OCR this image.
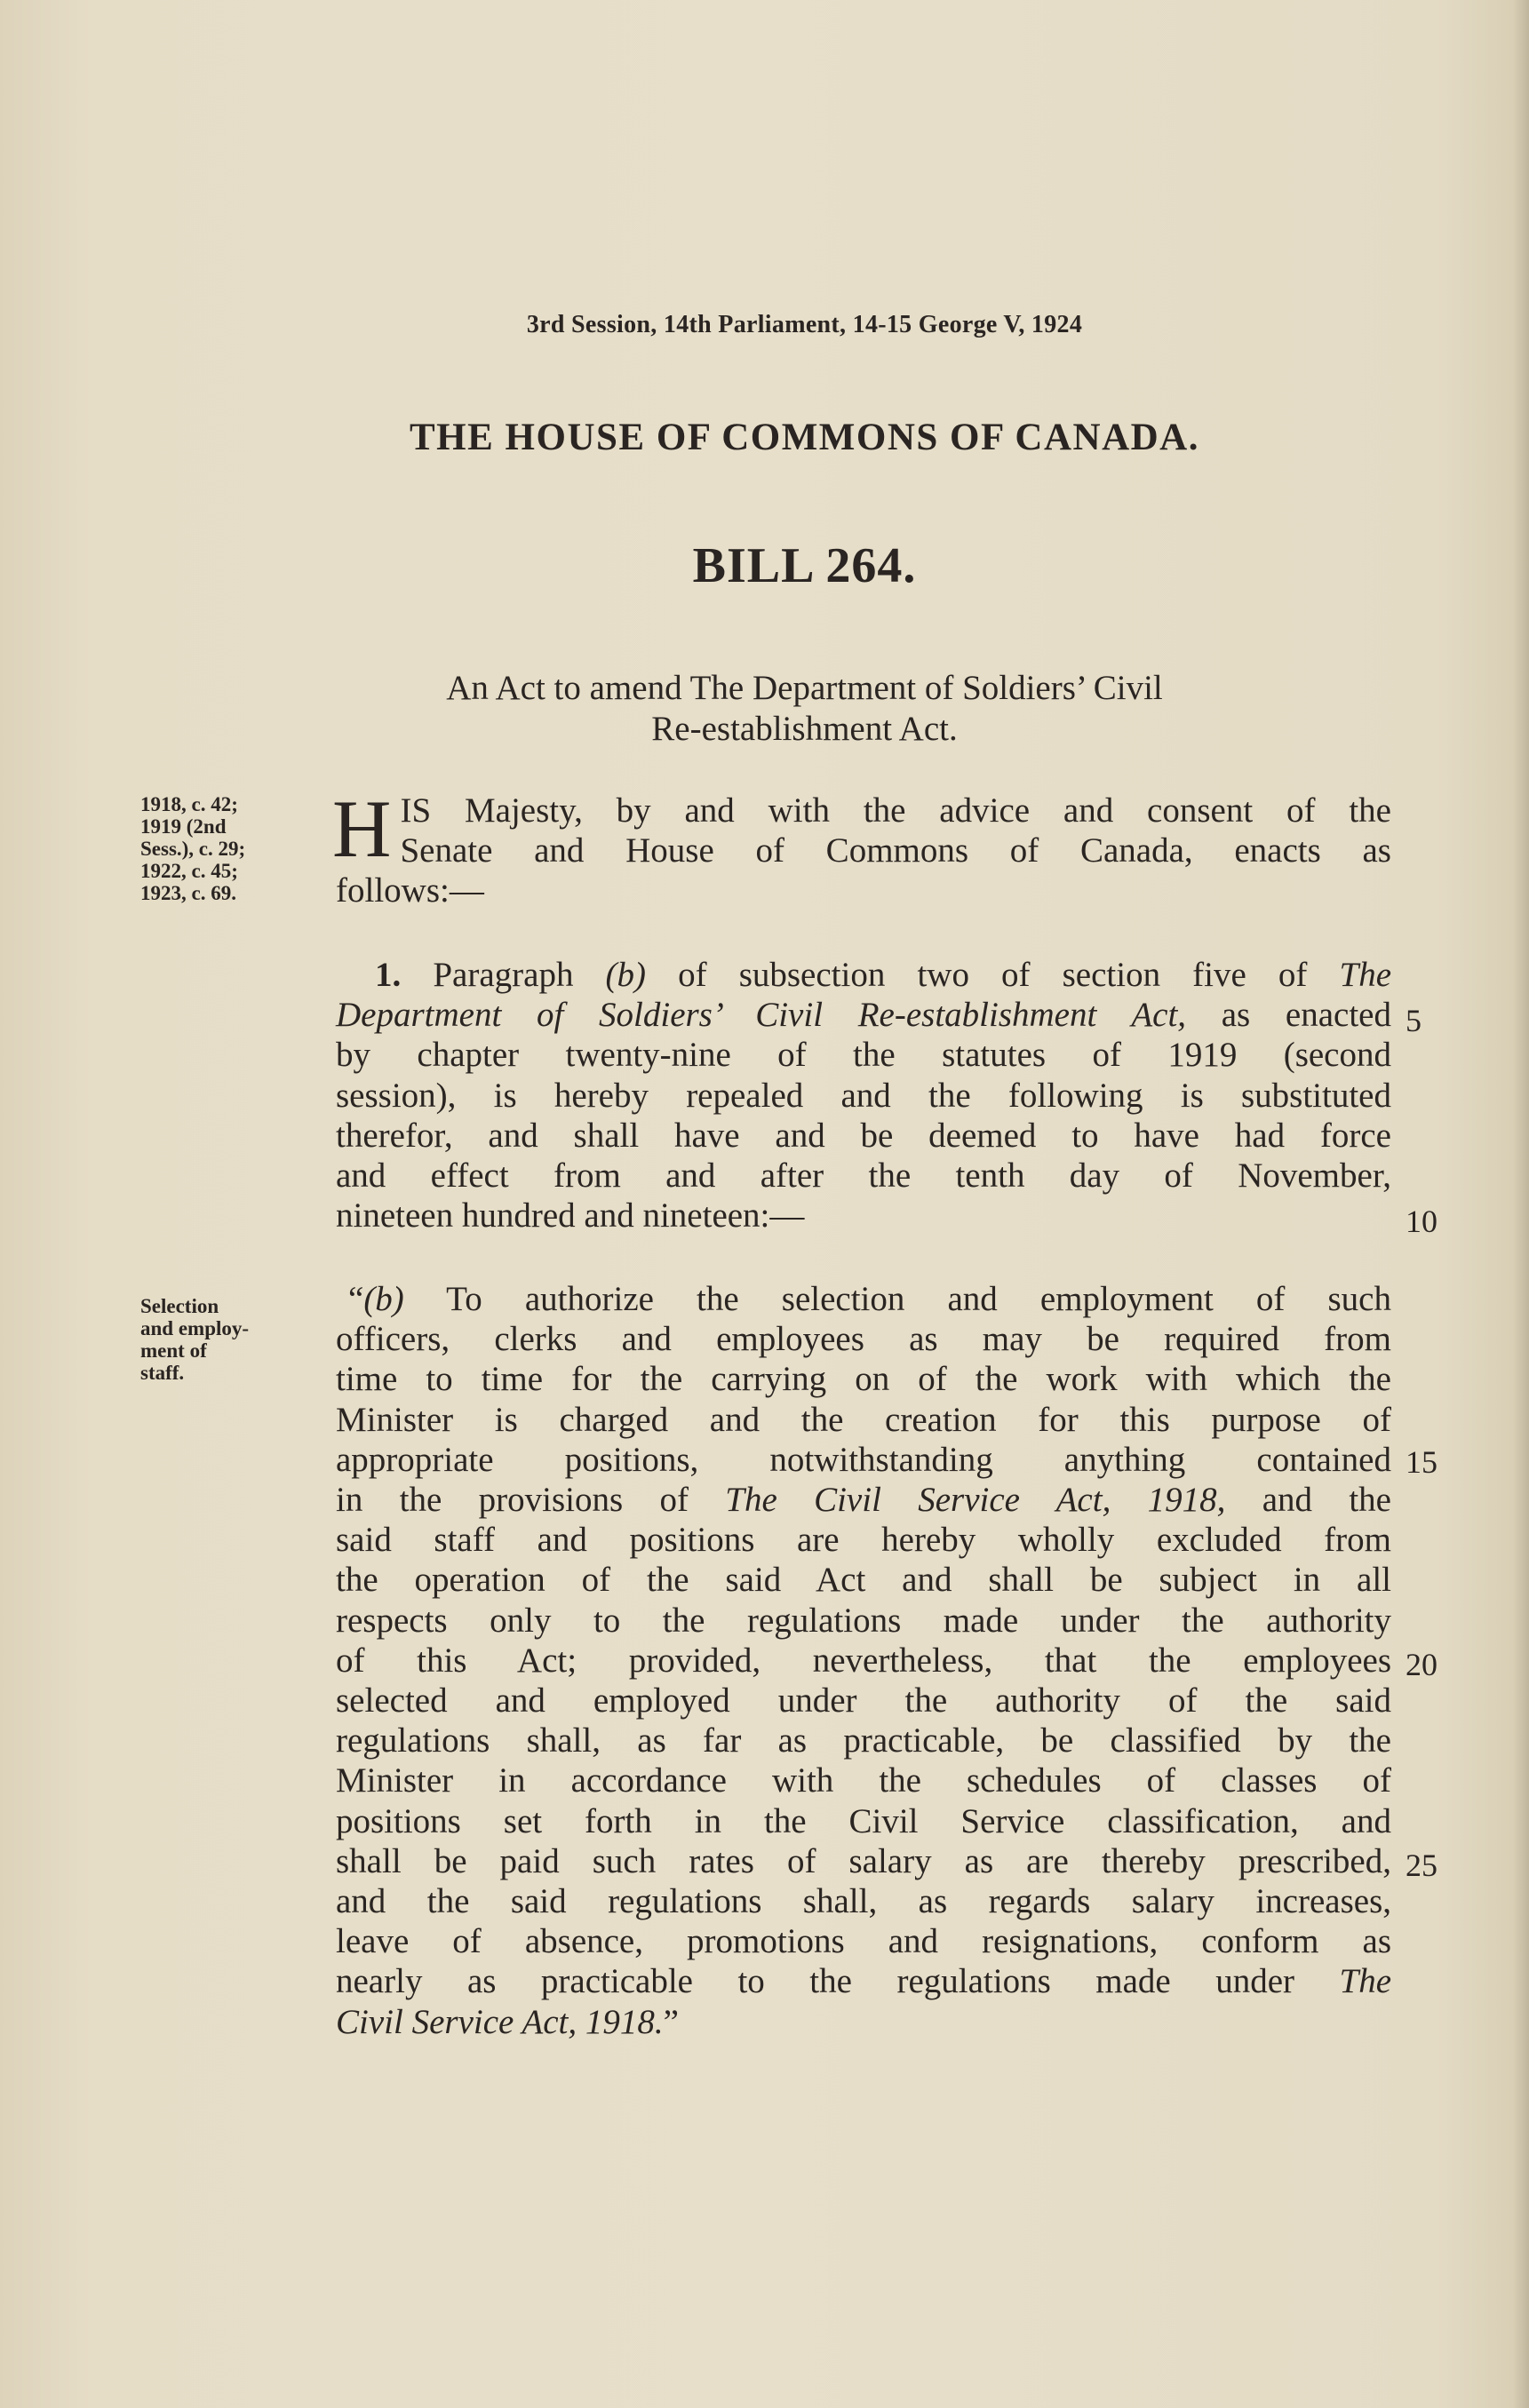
3rd Session, 14th Parliament, 14-15 George V, 1924
THE HOUSE OF COMMONS OF CANADA.
BILL 264.
An Act to amend The Department of Soldiers’ Civil
Re-establishment Act.
1918, c. 42;
1919 (2nd
Sess.), c. 29;
1922, c. 45;
1923, c. 69.
H IS Majesty, by and with the advice and consent of the
Senate and House of Commons of Canada, enacts as
follows:—
1. Paragraph (b) of subsection two of section five of The
Department of Soldiers’ Civil Re-establishment Act, as enacted
by chapter twenty-nine of the statutes of 1919 (second
session), is hereby repealed and the following is substituted
therefor, and shall have and be deemed to have had force
and effect from and after the tenth day of November,
nineteen hundred and nineteen:—
Selection
and employ-
ment of
staff.
“(b) To authorize the selection and employment of such
officers, clerks and employees as may be required from
time to time for the carrying on of the work with which the
Minister is charged and the creation for this purpose of
appropriate positions, notwithstanding anything contained
in the provisions of The Civil Service Act, 1918, and the
said staff and positions are hereby wholly excluded from
the operation of the said Act and shall be subject in all
respects only to the regulations made under the authority
of this Act; provided, nevertheless, that the employees
selected and employed under the authority of the said
regulations shall, as far as practicable, be classified by the
Minister in accordance with the schedules of classes of
positions set forth in the Civil Service classification, and
shall be paid such rates of salary as are thereby prescribed,
and the said regulations shall, as regards salary increases,
leave of absence, promotions and resignations, conform as
nearly as practicable to the regulations made under The
Civil Service Act, 1918.”
5
10
15
20
25
